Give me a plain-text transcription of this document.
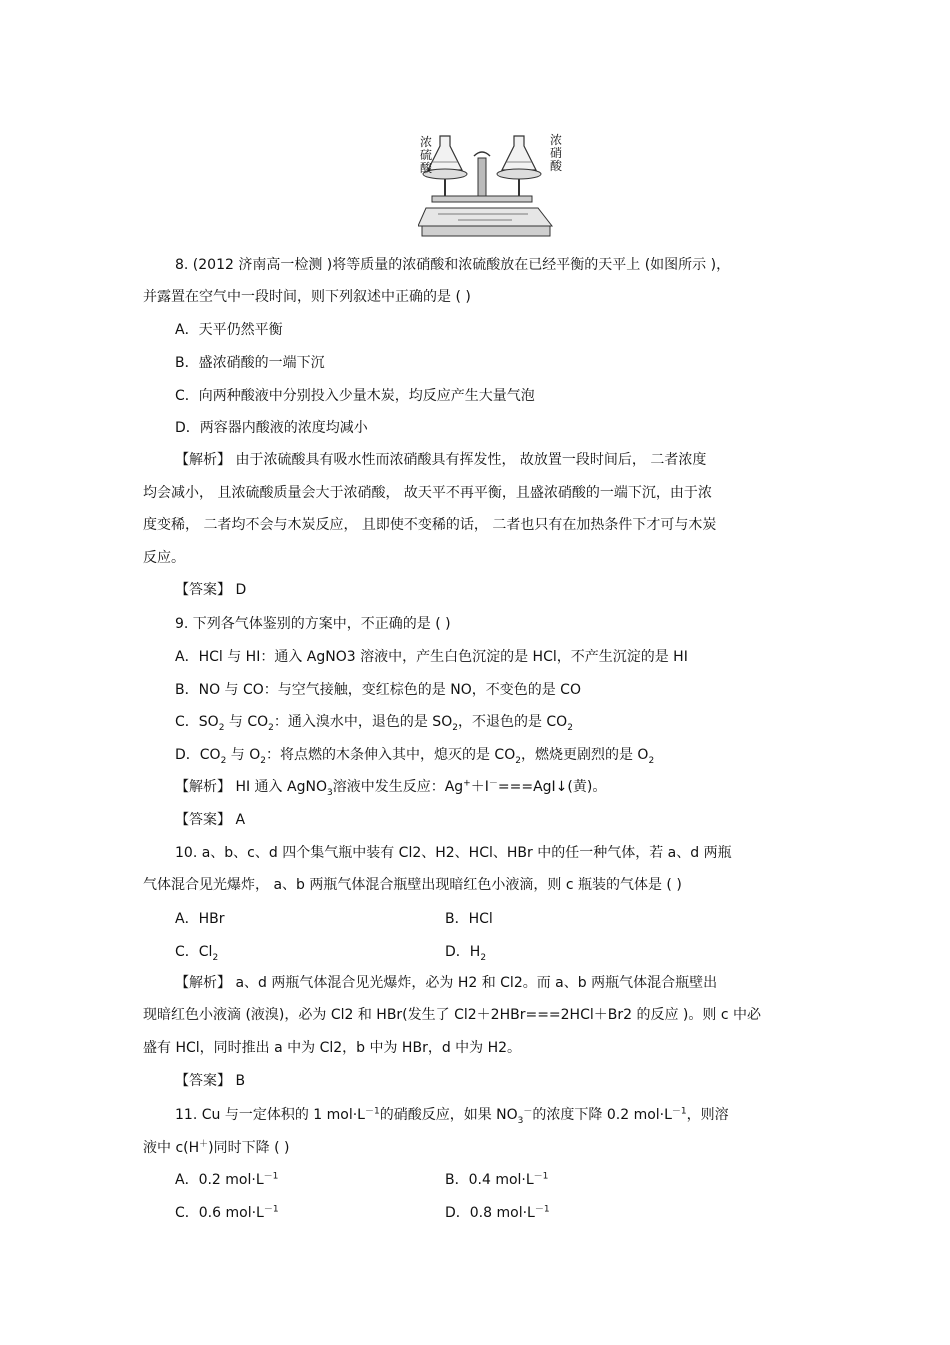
浓硫酸
浓硝酸
8. (2012 济南高一检测 )将等质量的浓硝酸和浓硫酸放在已经平衡的天平上 (如图所示 )，
并露置在空气中一段时间，则下列叙述中正确的是 ( )
A．天平仍然平衡
B．盛浓硝酸的一端下沉
C．向两种酸液中分别投入少量木炭，均反应产生大量气泡
D．两容器内酸液的浓度均减小
【解析】 由于浓硫酸具有吸水性而浓硝酸具有挥发性， 故放置一段时间后， 二者浓度
均会减小， 且浓硫酸质量会大于浓硝酸， 故天平不再平衡，且盛浓硝酸的一端下沉，由于浓
度变稀， 二者均不会与木炭反应， 且即使不变稀的话， 二者也只有在加热条件下才可与木炭
反应。
【答案】 D
9. 下列各气体鉴别的方案中，不正确的是 ( )
A．HCl 与 HI：通入 AgNO3 溶液中，产生白色沉淀的是 HCl，不产生沉淀的是 HI
B．NO 与 CO：与空气接触，变红棕色的是 NO，不变色的是 CO
C．$SO_2$ 与 $CO_2$：通入溴水中，退色的是 $SO_2$，不退色的是 $CO_2$
D．$CO_2$ 与 $O_2$：将点燃的木条伸入其中，熄灭的是 $CO_2$，燃烧更剧烈的是 $O_2$
【解析】 HI 通入 AgNO$_3$溶液中发生反应：Ag+＋I－===AgI↓(黄)。
【答案】 A
10. a、b、c、d 四个集气瓶中装有 Cl2、H2、HCl、HBr 中的任一种气体，若 a、d 两瓶
气体混合见光爆炸， a、b 两瓶气体混合瓶壁出现暗红色小液滴，则 c 瓶装的气体是 ( )
A．HBr	B．HCl
C．$Cl_2$	D．$H_2$
【解析】 a、d 两瓶气体混合见光爆炸，必为 H2 和 Cl2。而 a、b 两瓶气体混合瓶壁出
现暗红色小液滴 (液溴)，必为 Cl2 和 HBr(发生了 Cl2＋2HBr===2HCl＋Br2 的反应 )。则 c 中必
盛有 HCl，同时推出 a 中为 Cl2，b 中为 HBr，d 中为 H2。
【答案】 B
11. Cu 与一定体积的 1 $mol\cdot L^{-1}$的硝酸反应，如果 $NO_3^-$的浓度下降 0.2 $mol\cdot L^{-1}$，则溶
液中 c(H＋)同时下降 ( )
A．0.2 $mol\cdot L^{-1}$	B．0.4 $mol\cdot L^{-1}$
C．0.6 $mol\cdot L^{-1}$	D．0.8 $mol\cdot L^{-1}$
